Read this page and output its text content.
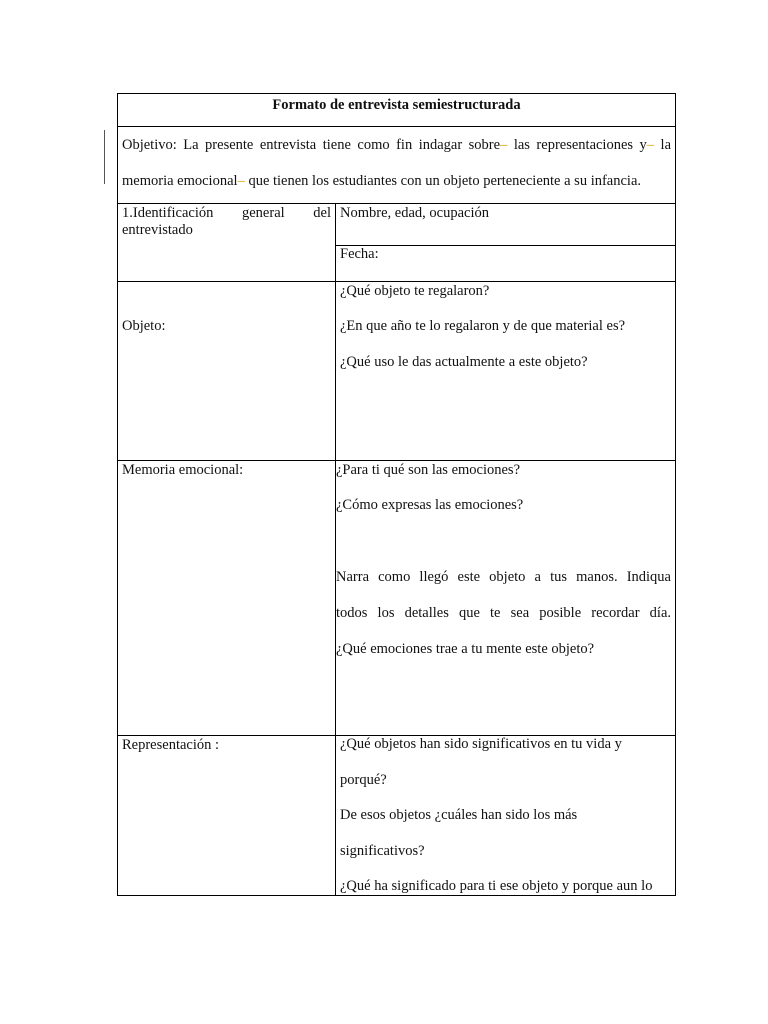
Formato de entrevista semiestructurada

Objetivo: La presente entrevista tiene como fin indagar sobre– las representaciones y– la

memoria emocional– que tienen los estudiantes con un objeto perteneciente a su infancia.

1.Identificación general del
entrevistado
Nombre, edad, ocupación
Fecha:
Objeto:
¿Qué objeto te regalaron?
¿En que año te lo regalaron y de que material es?
¿Qué uso le das actualmente a este objeto?
Memoria emocional:	¿Para ti qué son las emociones?
¿Cómo expresas las emociones?
Narra como llegó este objeto a tus manos. Indiqua
todos los detalles que te sea posible recordar día.
¿Qué emociones trae a tu mente este objeto?
Representación :	¿Qué objetos han sido significativos en tu vida y
porqué?
De esos objetos ¿cuáles han sido los más
significativos?
¿Qué ha significado para ti ese objeto y porque aun lo
